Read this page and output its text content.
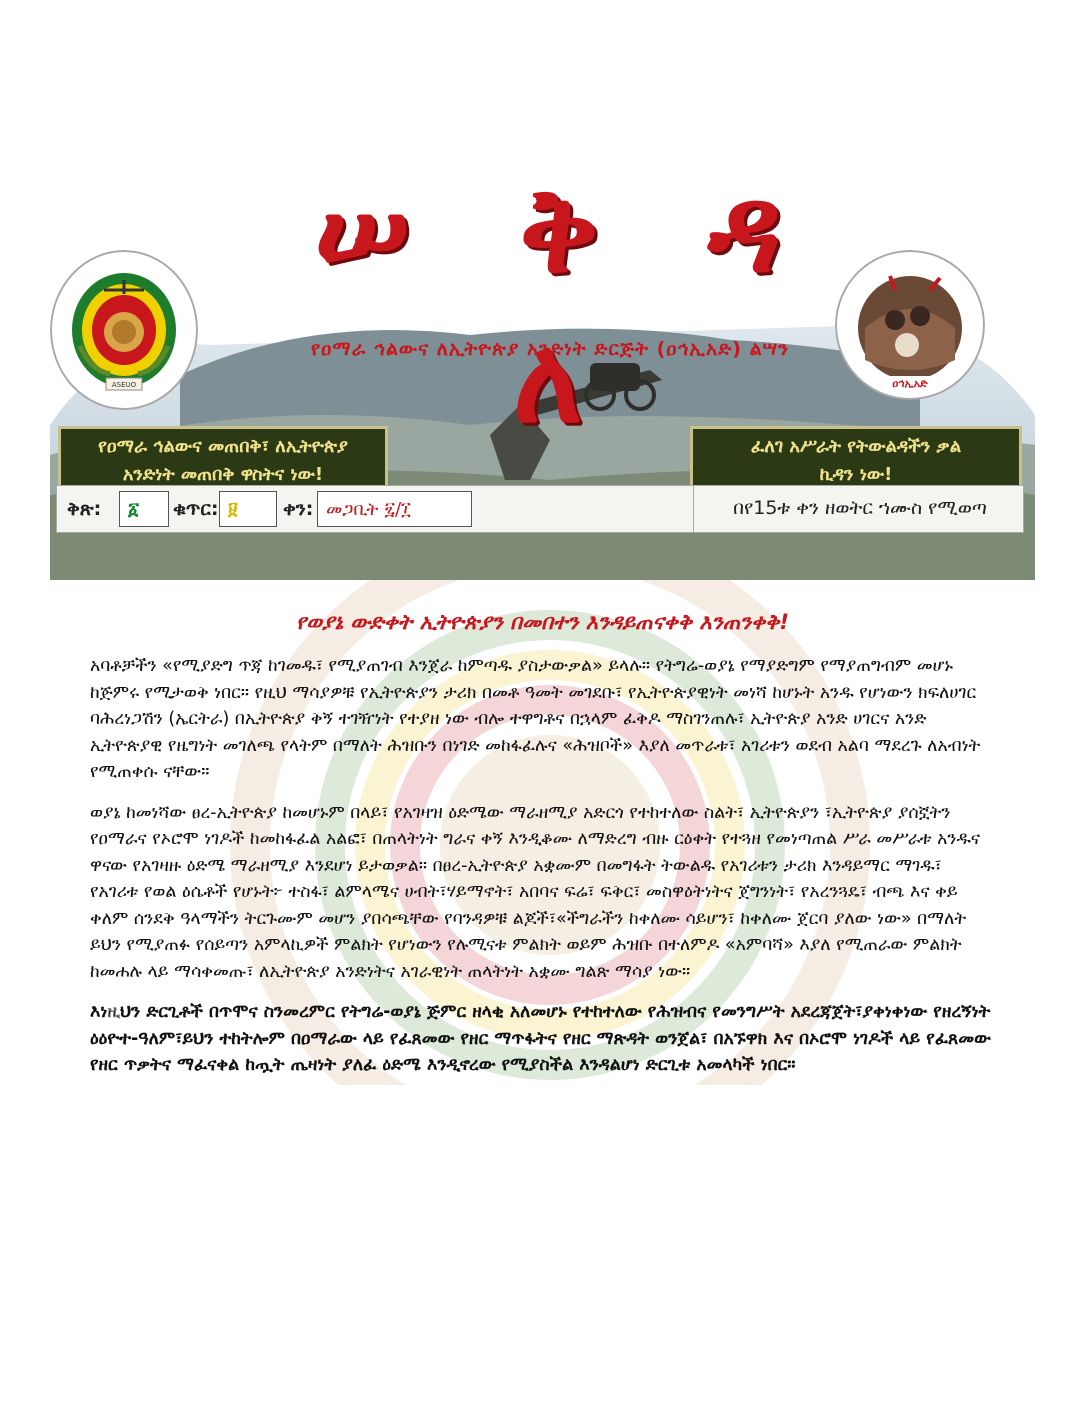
ሠ ቅ ዳ ለ
የዐማራ ኅልውና ለኢትዮጵያ አንድነት ድርጅት (ዐኅኢአድ) ልሣን
ASEUO	ዐኅኢአድ
የዐማራ ኅልውና መጠበቅ፣ ለኢትዮጵያ
አንድነት መጠበቅ ዋስትና ነው!
ፈለገ አሥራት የትውልዳችን ቃል
ኪዳን ነው!
ቅጽ:	፩	ቁጥር: ፱	ቀን: መጋቢት ፯/፲	በየ15ቱ ቀን ዘወትር ኀሙስ የሚወጣ
የወያኔ ውድቀት ኢትዮጵያን በመበተን እንዳይጠናቀቅ እንጠንቀቅ!

አባቶቻችን «የሚያድግ ጥጃ ከገመዱ፣ የሚያጠገብ እንጀራ ከምጣዱ ያስታውቃል» ይላሉ። የትግሬ-ወያኔ የማያድግም የማያጠግብም መሆኑ ከጅምሩ የሚታወቅ ነበር። የዚህ ማሳያዎቹ የኢትዮጵያን ታሪክ በመቶ ዓመት መገደቡ፣ የኢትዮጵያዊነት መነሻ ከሆኑት አንዱ የሆነውን ክፍለሀገር ባሕረነጋሽን (ኤርትራ) በኢትዮጵያ ቅኝ ተገዥነት የተያዘ ነው ብሎ ተዋግቶና በኋላም ፈቅዶ ማስገንጠሉ፣ ኢትዮጵያ አንድ ሀገርና አንድ ኢትዮጵያዊ የዜግነት መገለጫ የላትም በማለት ሕዝቡን በነገድ መከፋፈሉና «ሕዝቦች» እያለ መጥራቱ፣ አገሪቱን ወደብ አልባ ማደረጉ ለአብነት የሚጠቀሱ ናቸው።

ወያኔ ከመነሻው ፀረ-ኢትዮጵያ ከመሆኑም በላይ፣ የአገዛዝ ዕድሜው ማራዘሚያ አድርጎ የተከተለው ስልት፣ ኢትዮጵያን ፣ኢትዮጵያ ያሰኟትን የዐማራና የኦሮሞ ነገዶች ከመከፋፈል አልፎ፣ በጠላትነት ግራና ቀኝ እንዲቆሙ ለማድረግ ብዙ ርዕቀት የተጓዘ የመነጣጠል ሥራ መሥራቱ አንዱና ዋናው የአገዛዙ ዕድሜ ማራዘሚያ እንደሆነ ይታወቃል። በፀረ-ኢትዮጵያ አቋሙም በመግፋት ትውልዱ የአገሪቱን ታሪክ እንዳይማር ማገዱ፣ የአገሪቱ የወል ዕሴቶች የሆኑት፦ ተስፋ፣ ልምላሜና ሀብት፣ሃይማኖት፣ አበባና ፍሬ፣ ፍቅር፣ መስዋዕትነትና ጀግንነት፣ የአረንጓዴ፣ ብጫ እና ቀይ ቀለም ሰንደቅ ዓላማችን ትርጉሙም መሆን ያበሳጫቸው የባንዳዎቹ ልጆች፣«ችግራችን ከቀለሙ ሳይሆን፣ ከቀለሙ ጀርባ ያለው ነው» በማለት ይህን የሚያጠፉ የሰይጣን አምላኪዎች ምልክት የሆነውን የሉሚናቱ ምልክት ወይም ሕዝቡ በተለምዶ «አምባሻ» እያለ የሚጠራው ምልክት ከመሐሉ ላይ ማሳቀመጡ፣ ለኢትዮጵያ አንድነትና አገራዊነት ጠላትነት አቋሙ ግልጽ ማሳያ ነው።

እነዚህን ድርጊቶች በጥሞና ስንመረምር የትግሬ-ወያኔ ጅምር ዘላቂ አለመሆኑ የተከተለው የሕዝብና የመንግሥት አደረጃጀት፣ያቀነቀነው የዘረኝነት ዕዕዮተ-ዓለም፣ይህን ተከትሎም በዐማራው ላይ የፈጸመው የዘር ማጥፋትና የዘር ማጽዳት ወንጀል፣ በአኙዋክ እና በኦሮሞ ነገዶች ላይ የፈጸመው የዘር ጥቃትና ማፈናቀል ከጧት ጤዛነት ያለፈ ዕድሜ እንዲኖረው የሚያስችል እንዳልሆነ ድርጊቱ አመላካች ነበር።
